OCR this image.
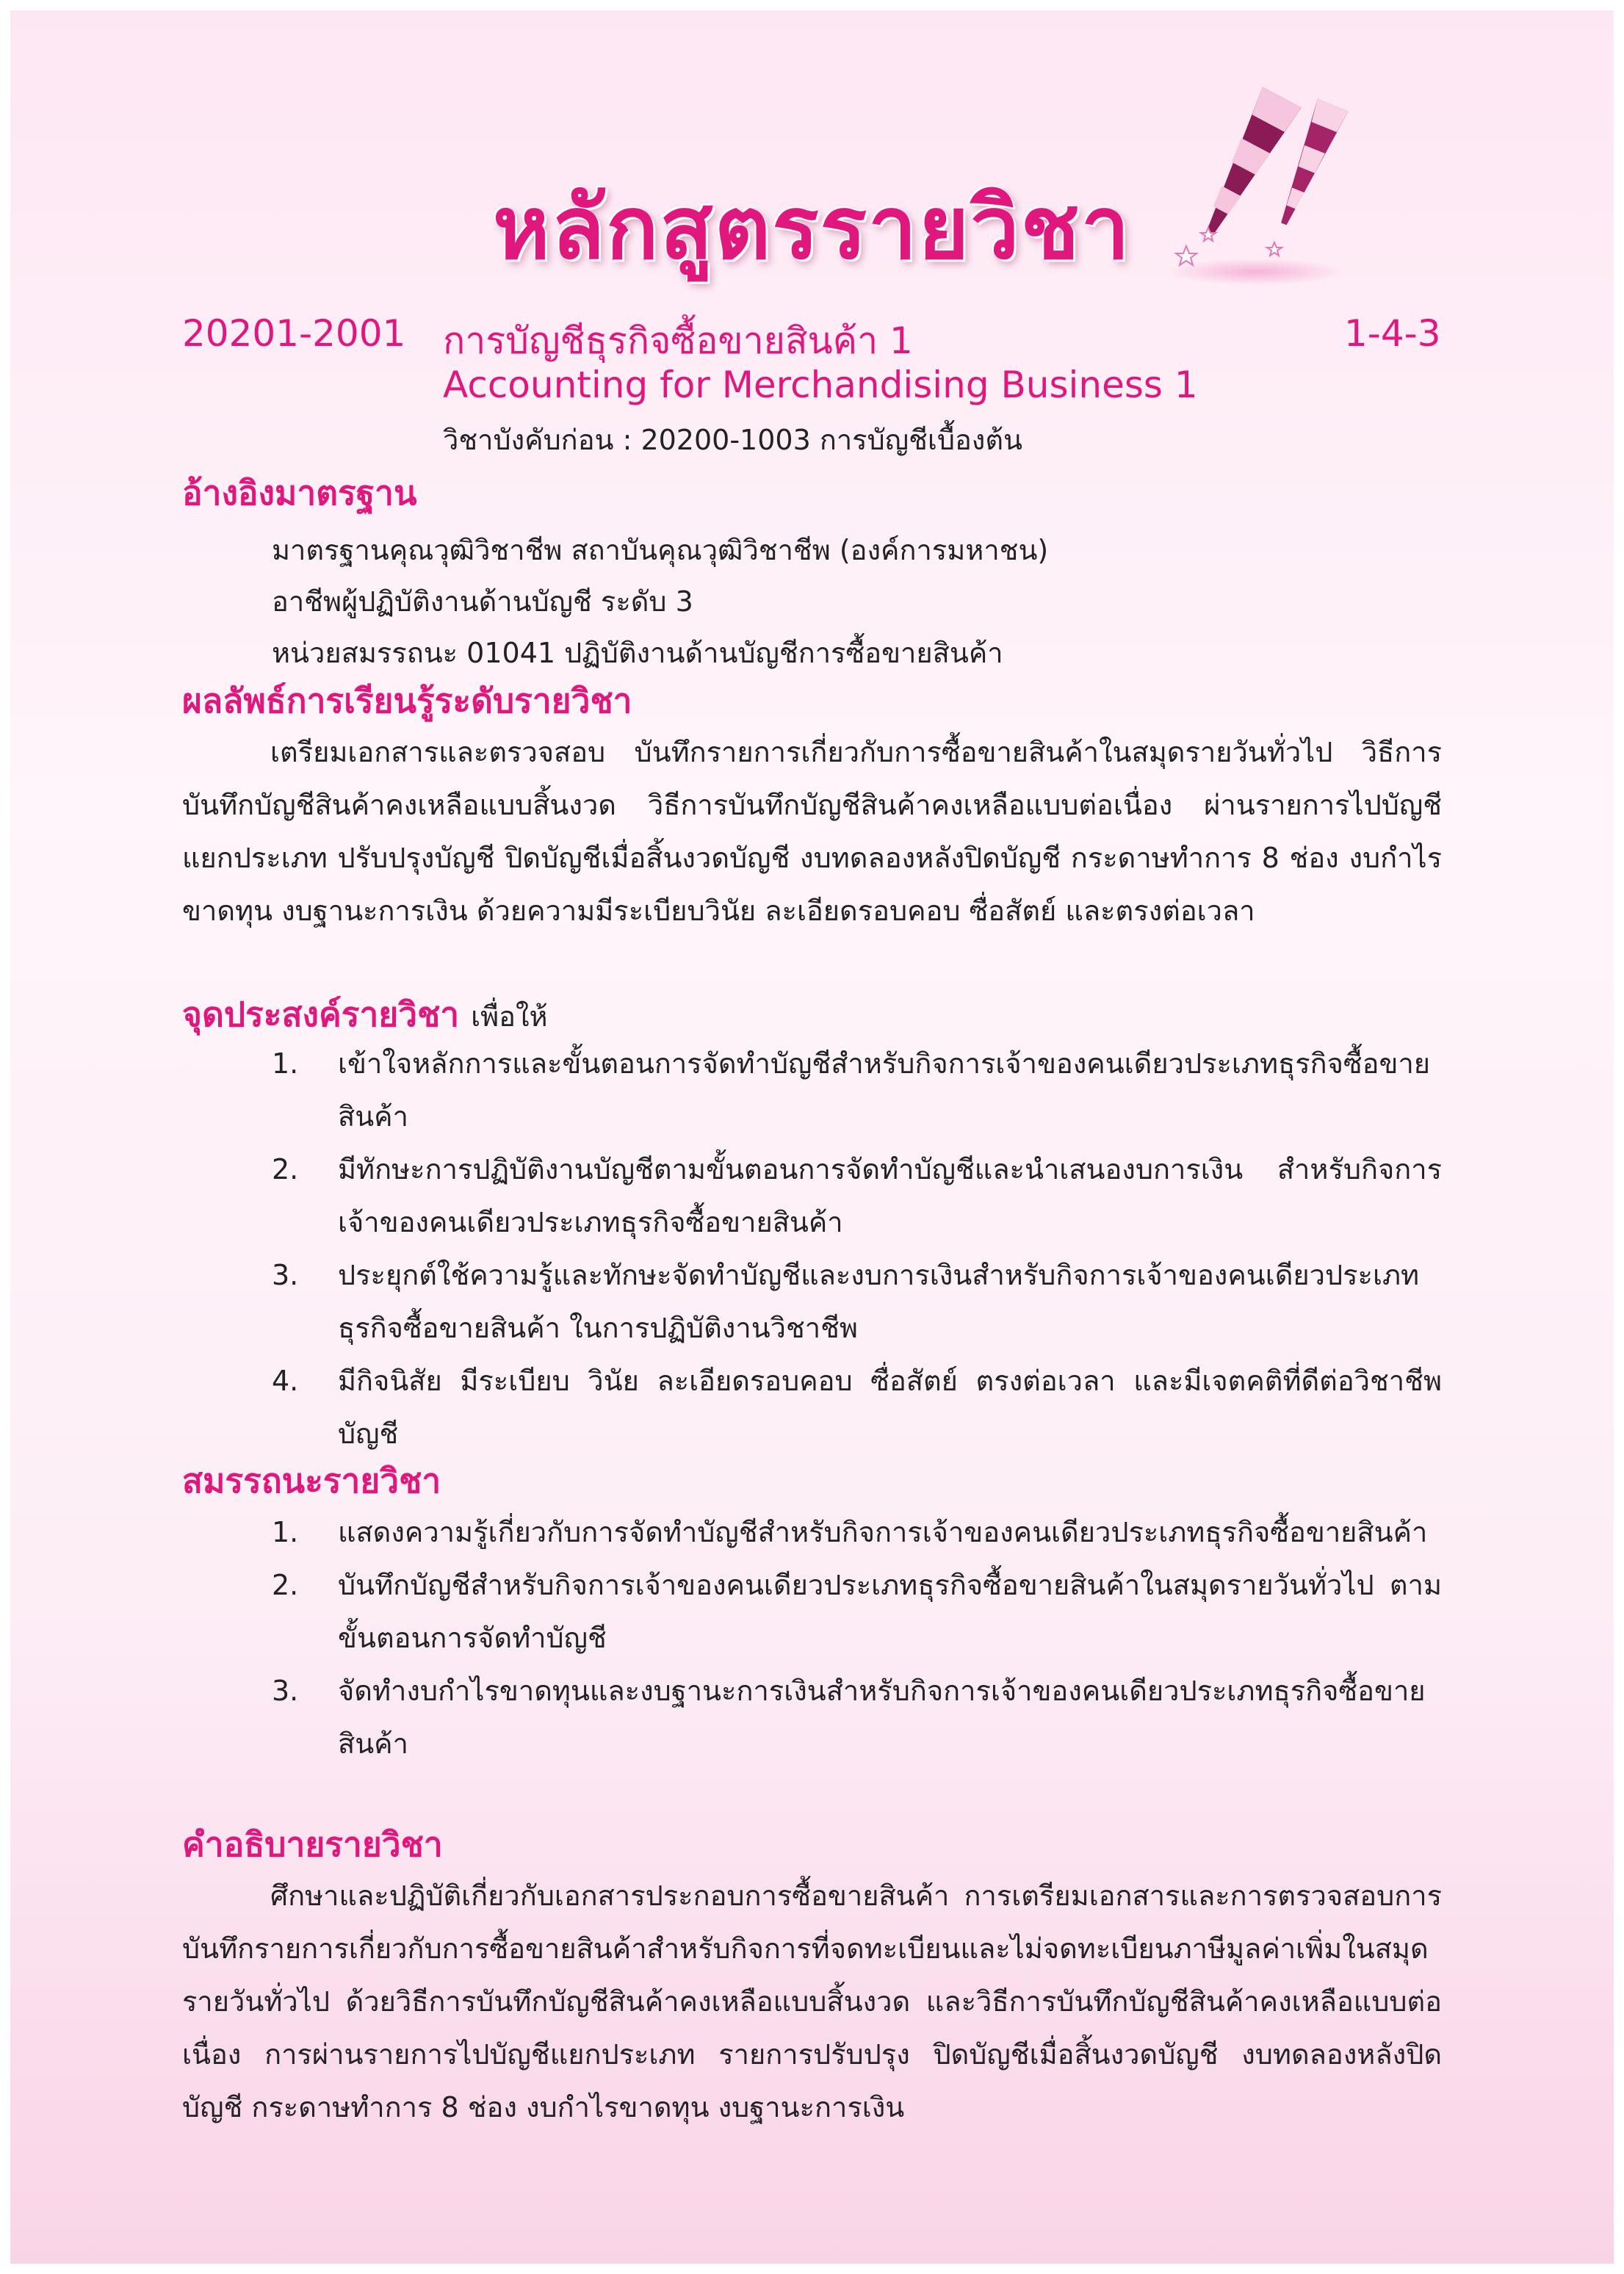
หลักสูตรรายวิชา
20201-2001 การบัญชีธุรกิจซื้อขายสินค้า 1	1-4-3
Accounting for Merchandising Business 1
วิชาบังคับก่อน : 20200-1003 การบัญชีเบื้องต้น
อ้างอิงมาตรฐาน
มาตรฐานคุณวุฒิวิชาชีพ สถาบันคุณวุฒิวิชาชีพ (องค์การมหาชน)
อาชีพผู้ปฏิบัติงานด้านบัญชี ระดับ 3
หน่วยสมรรถนะ 01041 ปฏิบัติงานด้านบัญชีการซื้อขายสินค้า
ผลลัพธ์การเรียนรู้ระดับรายวิชา

เตรียมเอกสารและตรวจสอบ บันทึกรายการเกี่ยวกับการซื้อขายสินค้าในสมุดรายวันทั่วไป วิธีการบันทึกบัญชีสินค้าคงเหลือแบบสิ้นงวด วิธีการบันทึกบัญชีสินค้าคงเหลือแบบต่อเนื่อง ผ่านรายการไปบัญชีแยกประเภท ปรับปรุงบัญชี ปิดบัญชีเมื่อสิ้นงวดบัญชี งบทดลองหลังปิดบัญชี กระดาษทำการ 8 ช่อง งบกำไรขาดทุน งบฐานะการเงิน ด้วยความมีระเบียบวินัย ละเอียดรอบคอบ ซื่อสัตย์ และตรงต่อเวลา

จุดประสงค์รายวิชา เพื่อให้
1. เข้าใจหลักการและขั้นตอนการจัดทำบัญชีสำหรับกิจการเจ้าของคนเดียวประเภทธุรกิจซื้อขายสินค้า
2. มีทักษะการปฏิบัติงานบัญชีตามขั้นตอนการจัดทำบัญชีและนำเสนองบการเงิน สำหรับกิจการเจ้าของคนเดียวประเภทธุรกิจซื้อขายสินค้า
3. ประยุกต์ใช้ความรู้และทักษะจัดทำบัญชีและงบการเงินสำหรับกิจการเจ้าของคนเดียวประเภทธุรกิจซื้อขายสินค้า ในการปฏิบัติงานวิชาชีพ
4. มีกิจนิสัย มีระเบียบ วินัย ละเอียดรอบคอบ ซื่อสัตย์ ตรงต่อเวลา และมีเจตคติที่ดีต่อวิชาชีพบัญชี
สมรรถนะรายวิชา
1. แสดงความรู้เกี่ยวกับการจัดทำบัญชีสำหรับกิจการเจ้าของคนเดียวประเภทธุรกิจซื้อขายสินค้า
2. บันทึกบัญชีสำหรับกิจการเจ้าของคนเดียวประเภทธุรกิจซื้อขายสินค้าในสมุดรายวันทั่วไป ตามขั้นตอนการจัดทำบัญชี
3. จัดทำงบกำไรขาดทุนและงบฐานะการเงินสำหรับกิจการเจ้าของคนเดียวประเภทธุรกิจซื้อขายสินค้า
คำอธิบายรายวิชา

ศึกษาและปฏิบัติเกี่ยวกับเอกสารประกอบการซื้อขายสินค้า การเตรียมเอกสารและการตรวจสอบการบันทึกรายการเกี่ยวกับการซื้อขายสินค้าสำหรับกิจการที่จดทะเบียนและไม่จดทะเบียนภาษีมูลค่าเพิ่มในสมุดรายวันทั่วไป ด้วยวิธีการบันทึกบัญชีสินค้าคงเหลือแบบสิ้นงวด และวิธีการบันทึกบัญชีสินค้าคงเหลือแบบต่อเนื่อง การผ่านรายการไปบัญชีแยกประเภท รายการปรับปรุง ปิดบัญชีเมื่อสิ้นงวดบัญชี งบทดลองหลังปิดบัญชี กระดาษทำการ 8 ช่อง งบกำไรขาดทุน งบฐานะการเงิน
